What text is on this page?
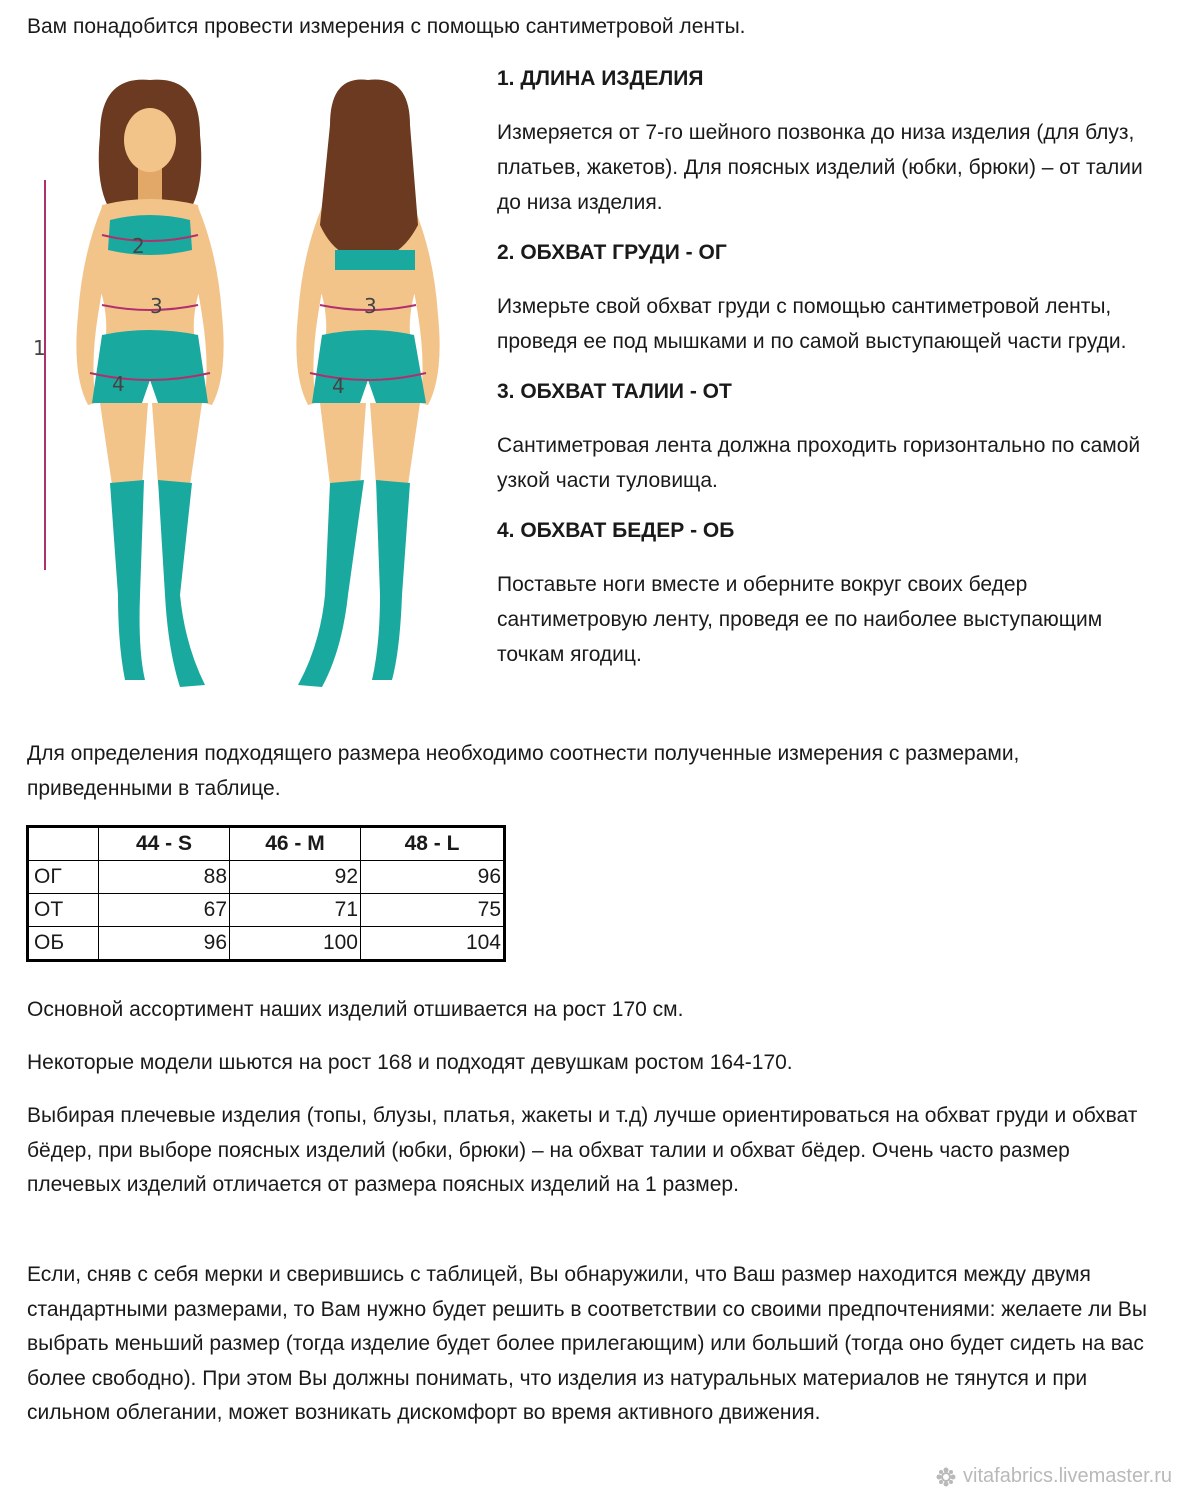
Вам понадобится провести измерения с помощью сантиметровой ленты.
1
2
3
4
3
4
1. ДЛИНА ИЗДЕЛИЯ
Измеряется от 7-го шейного позвонка до низа изделия (для блуз, платьев, жакетов). Для поясных изделий (юбки, брюки) – от талии до низа изделия.
2. ОБХВАТ ГРУДИ - ОГ
Измерьте свой обхват груди с помощью сантиметровой ленты, проведя ее под мышками и по самой выступающей части груди.
3. ОБХВАТ ТАЛИИ - ОТ
Сантиметровая лента должна проходить горизонтально по самой узкой части туловища.
4. ОБХВАТ БЕДЕР - ОБ
Поставьте ноги вместе и оберните вокруг своих бедер сантиметровую ленту, проведя ее по наиболее выступающим точкам ягодиц.

Для определения подходящего размера необходимо соотнести полученные измерения с размерами, приведенными в таблице.

	44 - S	46 - M	48 - L
ОГ	88	92	96
ОТ	67	71	75
ОБ	96	100	104

Основной ассортимент наших изделий отшивается на рост 170 см.

Некоторые модели шьются на рост 168 и подходят девушкам ростом 164-170.

Выбирая плечевые изделия (топы, блузы, платья, жакеты и т.д) лучше ориентироваться на обхват груди и обхват бёдер, при выборе поясных изделий (юбки, брюки) – на обхват талии и обхват бёдер. Очень часто размер плечевых изделий отличается от размера поясных изделий на 1 размер.

Если, сняв с себя мерки и сверившись с таблицей, Вы обнаружили, что Ваш размер находится между двумя стандартными размерами, то Вам нужно будет решить в соответствии со своими предпочтениями: желаете ли Вы выбрать меньший размер (тогда изделие будет более прилегающим) или больший (тогда оно будет сидеть на вас более свободно). При этом Вы должны понимать, что изделия из натуральных материалов не тянутся и при сильном облегании, может возникать дискомфорт во время активного движения.

vitafabrics.livemaster.ru
